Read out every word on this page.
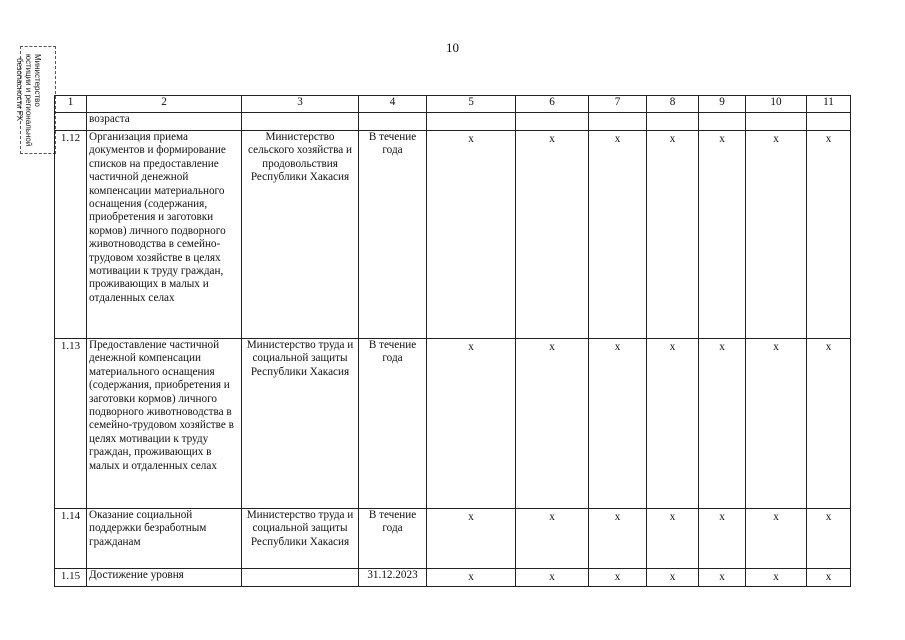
10
Министерство
юстиции и региональной
безопасности РХ	1	2	3	4	5	6	7	8	9	10	11
	возраста									
1.12	Организация приема документов и формирование списков на предоставление частичной денежной компенсации материального оснащения (содержания, приобретения и заготовки кормов) личного подворного животноводства в семейно-трудовом хозяйстве в целях мотивации к труду граждан, проживающих в малых и отдаленных селах	Министерство сельского хозяйства и продовольствия Республики Хакасия	В течение года	х	х	х	х	х	х	х
1.13	Предоставление частичной денежной компенсации материального оснащения (содержания, приобретения и заготовки кормов) личного подворного животноводства в семейно-трудовом хозяйстве в целях мотивации к труду граждан, проживающих в малых и отдаленных селах	Министерство труда и социальной защиты Республики Хакасия	В течение года	х	х	х	х	х	х	х
1.14	Оказание социальной поддержки безработным гражданам	Министерство труда и социальной защиты Республики Хакасия	В течение года	х	х	х	х	х	х	х
1.15	Достижение уровня		31.12.2023	х	х	х	х	х	х	х
